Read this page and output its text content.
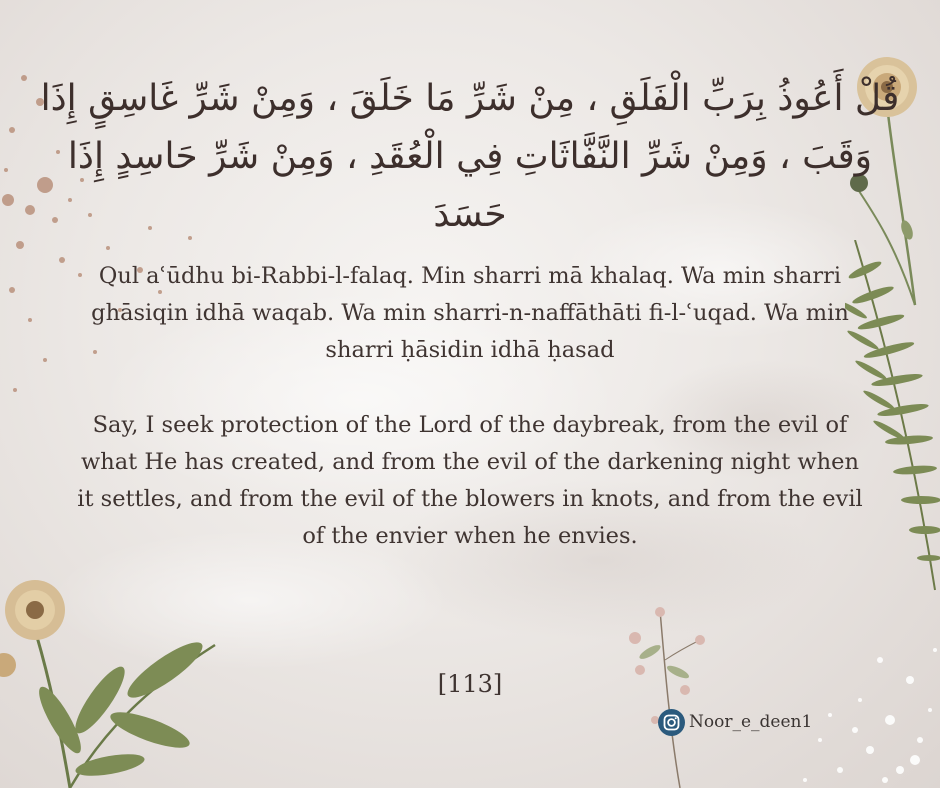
قُلْ أَعُوذُ بِرَبِّ الْفَلَقِ ، مِنْ شَرِّ مَا خَلَقَ ، وَمِنْ شَرِّ غَاسِقٍ إِذَا وَقَبَ ، وَمِنْ شَرِّ النَّفَّاثَاتِ فِي الْعُقَدِ ، وَمِنْ شَرِّ حَاسِدٍ إِذَا حَسَدَ
Qul aʿūdhu bi-Rabbi-l-falaq. Min sharri mā khalaq. Wa min sharri ghāsiqin idhā waqab. Wa min sharri-n-naffāthāti fi-l-ʿuqad. Wa min sharri ḥāsidin idhā ḥasad
Say, I seek protection of the Lord of the daybreak, from the evil of what He has created, and from the evil of the darkening night when it settles, and from the evil of the blowers in knots, and from the evil of the envier when he envies.
[113]
Noor_e_deen1
